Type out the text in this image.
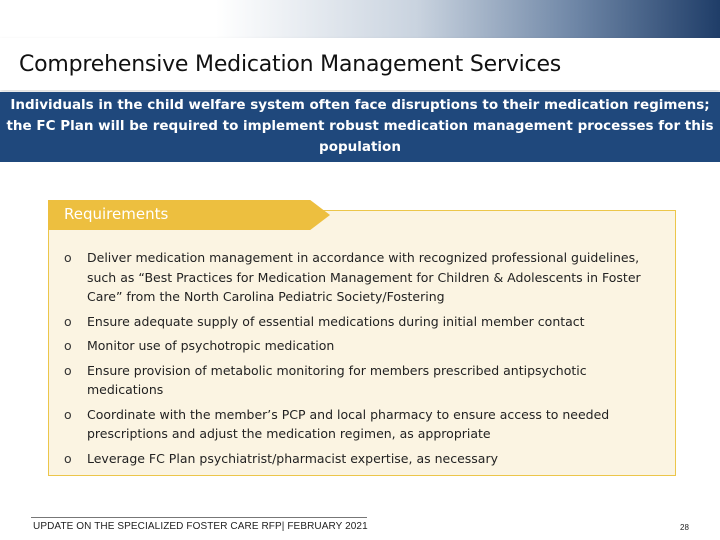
Comprehensive Medication Management Services
Individuals in the child welfare system often face disruptions to their medication regimens; the FC Plan will be required to implement robust medication management processes for this population
Requirements
o Deliver medication management in accordance with recognized professional guidelines, such as “Best Practices for Medication Management for Children & Adolescents in Foster Care” from the North Carolina Pediatric Society/Fostering
o Ensure adequate supply of essential medications during initial member contact
o Monitor use of psychotropic medication
o Ensure provision of metabolic monitoring for members prescribed antipsychotic medications
o Coordinate with the member’s PCP and local pharmacy to ensure access to needed prescriptions and adjust the medication regimen, as appropriate
o Leverage FC Plan psychiatrist/pharmacist expertise, as necessary
UPDATE ON THE SPECIALIZED FOSTER CARE RFP| FEBRUARY 2021	28
